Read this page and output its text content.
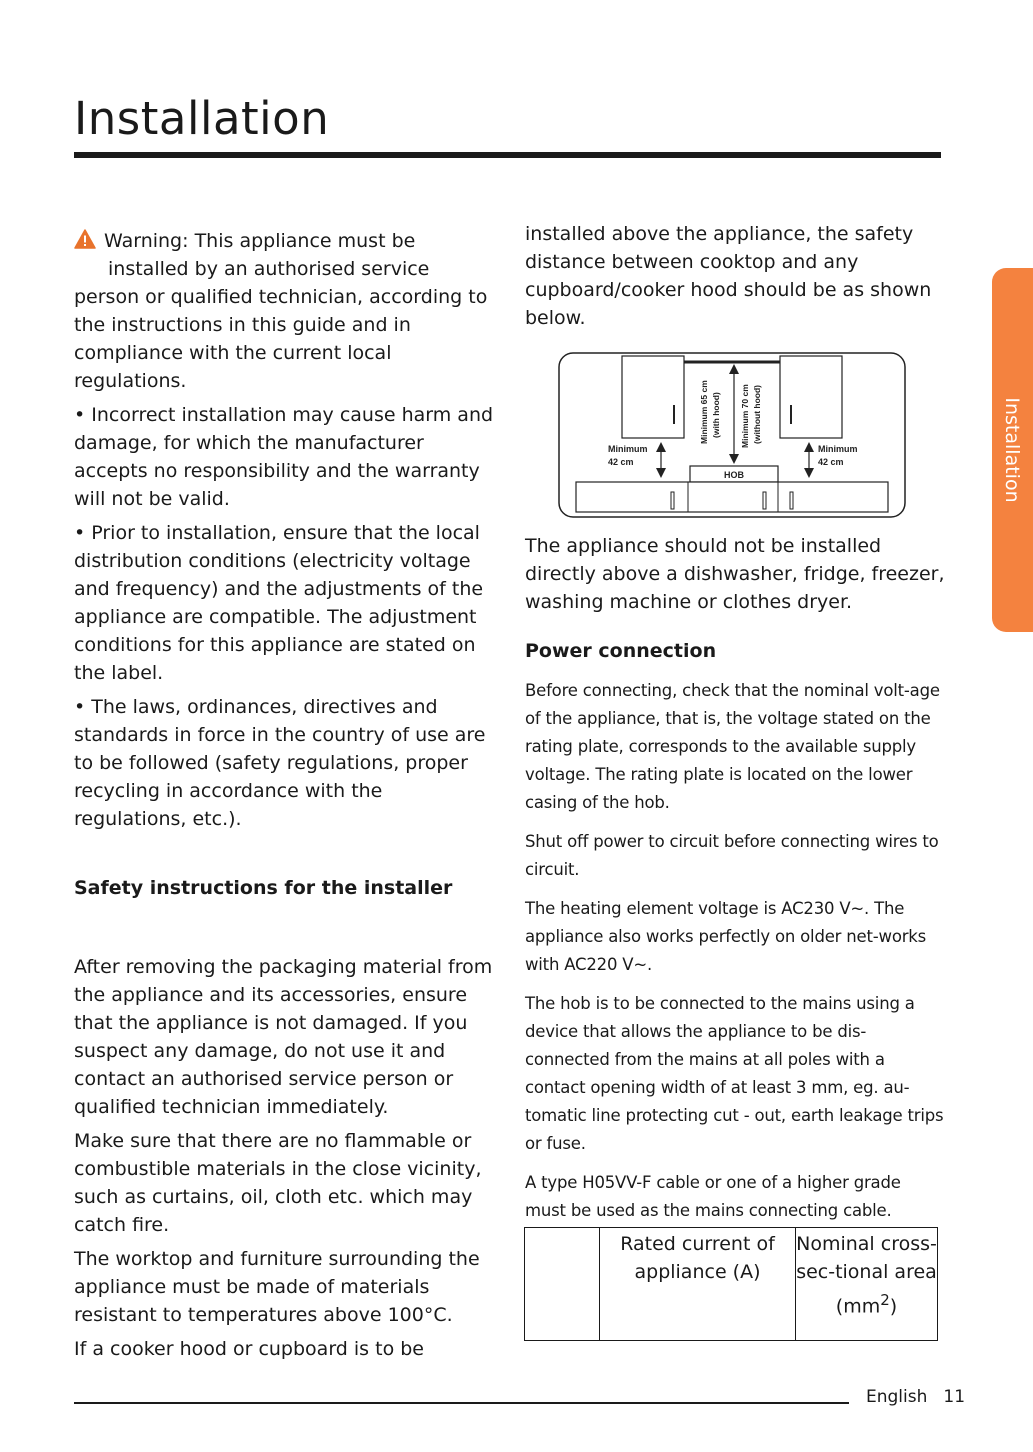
Installation
Installation

Warning: This appliance must be
installed by an authorised service
person or qualified technician, according to the instructions in this guide and in compliance with the current local regulations.

• Incorrect installation may cause harm and damage, for which the manufacturer accepts no responsibility and the warranty will not be valid.

• Prior to installation, ensure that the local distribution conditions (electricity voltage and frequency) and the adjustments of the appliance are compatible. The adjustment conditions for this appliance are stated on the label.

• The laws, ordinances, directives and standards in force in the country of use are to be followed (safety regulations, proper recycling in accordance with the regulations, etc.).

Safety instructions for the installer

After removing the packaging material from the appliance and its accessories, ensure that the appliance is not damaged. If you suspect any damage, do not use it and contact an authorised service person or qualified technician immediately.

Make sure that there are no flammable or combustible materials in the close vicinity, such as curtains, oil, cloth etc. which may catch fire.

The worktop and furniture surrounding the appliance must be made of materials resistant to temperatures above 100°C.

If a cooker hood or cupboard is to be

installed above the appliance, the safety distance between cooktop and any cupboard/cooker hood should be as shown below.

Minimum
42 cm
Minimum
42 cm
Minimum 65 cm (with hood) Minimum 70 cm (without hood)
HOB

The appliance should not be installed directly above a dishwasher, fridge, freezer, washing machine or clothes dryer.

Power connection

Before connecting, check that the nominal volt-age of the appliance, that is, the voltage stated on the rating plate, corresponds to the available supply voltage. The rating plate is located on the lower casing of the hob.

Shut off power to circuit before connecting wires to circuit.

The heating element voltage is AC230 V~. The appliance also works perfectly on older net-works with AC220 V~.

The hob is to be connected to the mains using a device that allows the appliance to be dis-connected from the mains at all poles with a contact opening width of at least 3 mm, eg. au-tomatic line protecting cut - out, earth leakage trips or fuse.

A type H05VV-F cable or one of a higher grade must be used as the mains connecting cable.

Rated current of appliance (A)
Nominal cross-sec-tional area $(mm^2)$
English 11
